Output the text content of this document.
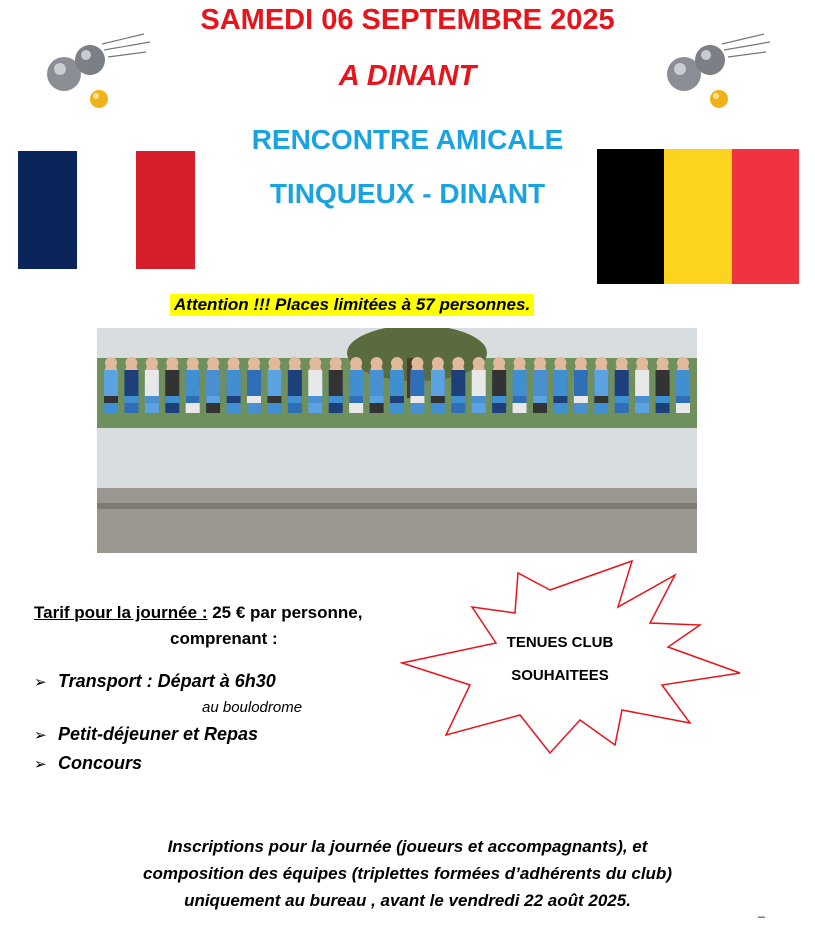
SAMEDI 06 SEPTEMBRE 2025
A DINANT
RENCONTRE AMICALE
TINQUEUX - DINANT
Attention !!! Places limitées à 57 personnes.
Tarif pour la journée : 25 € par personne,
comprenant :
➢ Transport : Départ à 6h30
au boulodrome
➢ Petit-déjeuner et Repas
➢ Concours
TENUES CLUB
SOUHAITEES
Inscriptions pour la journée (joueurs et accompagnants), et
composition des équipes (triplettes formées d’adhérents du club)
uniquement au bureau , avant le vendredi 22 août 2025.
_
